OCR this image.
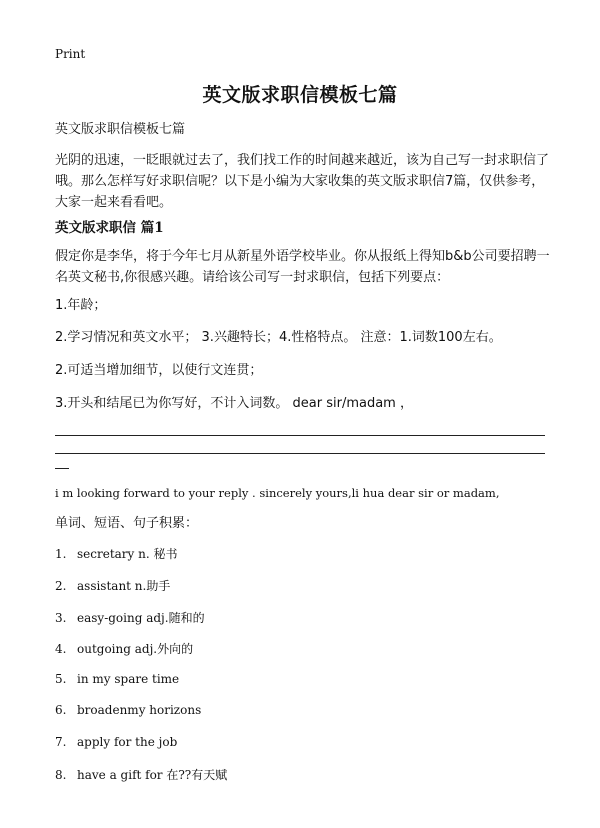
Print
英文版求职信模板七篇
英文版求职信模板七篇
光阴的迅速，一眨眼就过去了，我们找工作的时间越来越近，该为自己写一封求职信了哦。那么怎样写好求职信呢？以下是小编为大家收集的英文版求职信7篇，仅供参考，大家一起来看看吧。
英文版求职信 篇1
假定你是李华，将于今年七月从新星外语学校毕业。你从报纸上得知b&b公司要招聘一名英文秘书,你很感兴趣。请给该公司写一封求职信，包括下列要点：
1.年龄；
2.学习情况和英文水平； 3.兴趣特长；4.性格特点。 注意：1.词数100左右。
2.可适当增加细节，以使行文连贯；
3.开头和结尾已为你写好，不计入词数。 dear sir/madam ，
i m looking forward to your reply . sincerely yours,li hua dear sir or madam,
单词、短语、句子积累：
1. secretary n. 秘书
2. assistant n.助手
3. easy-going adj.随和的
4. outgoing adj.外向的
5. in my spare time
6. broadenmy horizons
7. apply for the job
8. have a gift for 在??有天赋
